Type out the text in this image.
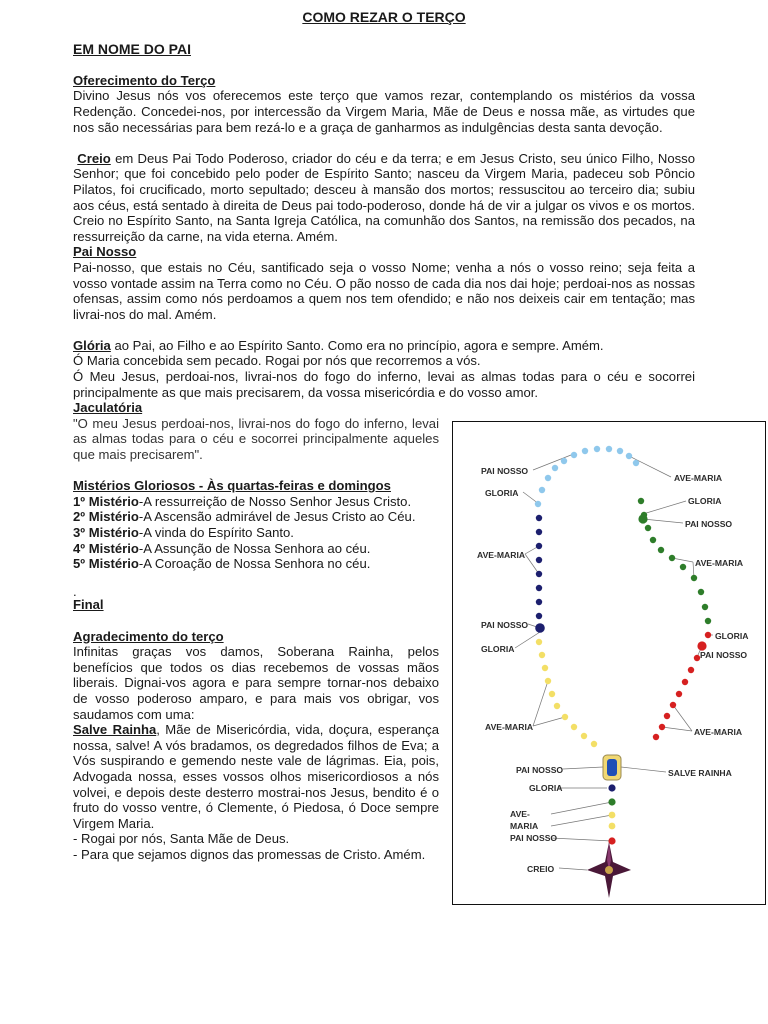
COMO REZAR O TERÇO

EM NOME DO PAI

Oferecimento do Terço

Divino Jesus nós vos oferecemos este terço que vamos rezar, contemplando os mistérios da vossa Redenção. Concedei-nos, por intercessão da Virgem Maria, Mãe de Deus e nossa mãe, as virtudes que nos são necessárias para bem rezá-lo e a graça de ganharmos as indulgências desta santa devoção.

Creio em Deus Pai Todo Poderoso, criador do céu e da terra; e em Jesus Cristo, seu único Filho, Nosso Senhor; que foi concebido pelo poder de Espírito Santo; nasceu da Virgem Maria, padeceu sob Pôncio Pilatos, foi crucificado, morto sepultado; desceu à mansão dos mortos; ressuscitou ao terceiro dia; subiu aos céus, está sentado à direita de Deus pai todo-poderoso, donde há de vir a julgar os vivos e os mortos. Creio no Espírito Santo, na Santa Igreja Católica, na comunhão dos Santos, na remissão dos pecados, na ressurreição da carne, na vida eterna. Amém.

Pai Nosso

Pai-nosso, que estais no Céu, santificado seja o vosso Nome; venha a nós o vosso reino; seja feita a vosso vontade assim na Terra como no Céu. O pão nosso de cada dia nos dai hoje; perdoai-nos as nossas ofensas, assim como nós perdoamos a quem nos tem ofendido; e não nos deixeis cair em tentação; mas livrai-nos do mal. Amém.

Glória ao Pai, ao Filho e ao Espírito Santo. Como era no princípio, agora e sempre. Amém.

Ó Maria concebida sem pecado. Rogai por nós que recorremos a vós.

Ó Meu Jesus, perdoai-nos, livrai-nos do fogo do inferno, levai as almas todas para o céu e socorrei principalmente as que mais precisarem, da vossa misericórdia e do vosso amor.

Jaculatória

"O meu Jesus perdoai-nos, livrai-nos do fogo do inferno, levai as almas todas para o céu e socorrei principalmente aqueles que mais precisarem".

Mistérios Gloriosos - Às quartas-feiras e domingos

1º Mistério-A ressurreição de Nosso Senhor Jesus Cristo.

2º Mistério-A Ascensão admirável de Jesus Cristo ao Céu.

3º Mistério-A vinda do Espírito Santo.

4º Mistério-A Assunção de Nossa Senhora ao céu.

5º Mistério-A Coroação de Nossa Senhora no céu.

.

Final

Agradecimento do terço

Infinitas graças vos damos, Soberana Rainha, pelos benefícios que todos os dias recebemos de vossas mãos liberais. Dignai-vos agora e para sempre tornar-nos debaixo de vosso poderoso amparo, e para mais vos obrigar, vos saudamos com uma:

Salve Rainha, Mãe de Misericórdia, vida, doçura, esperança nossa, salve! A vós bradamos, os degredados filhos de Eva; a Vós suspirando e gemendo neste vale de lágrimas. Eia, pois, Advogada nossa, esses vossos olhos misericordiosos a nós volvei, e depois deste desterro mostrai-nos Jesus, bendito é o fruto do vosso ventre, ó Clemente, ó Piedosa, ó Doce sempre Virgem Maria.

- Rogai por nós, Santa Mãe de Deus.

- Para que sejamos dignos das promessas de Cristo. Amém.

PAI NOSSO
GLORIA
AVE-MARIA
GLORIA
PAI NOSSO
AVE-MARIA
AVE-MARIA
PAI NOSSO
GLORIA
GLORIA
PAI NOSSO
AVE-MARIA	AVE-MARIA
PAI NOSSO	SALVE RAINHA
GLORIA
AVE-
MARIA
PAI NOSSO
CREIO
